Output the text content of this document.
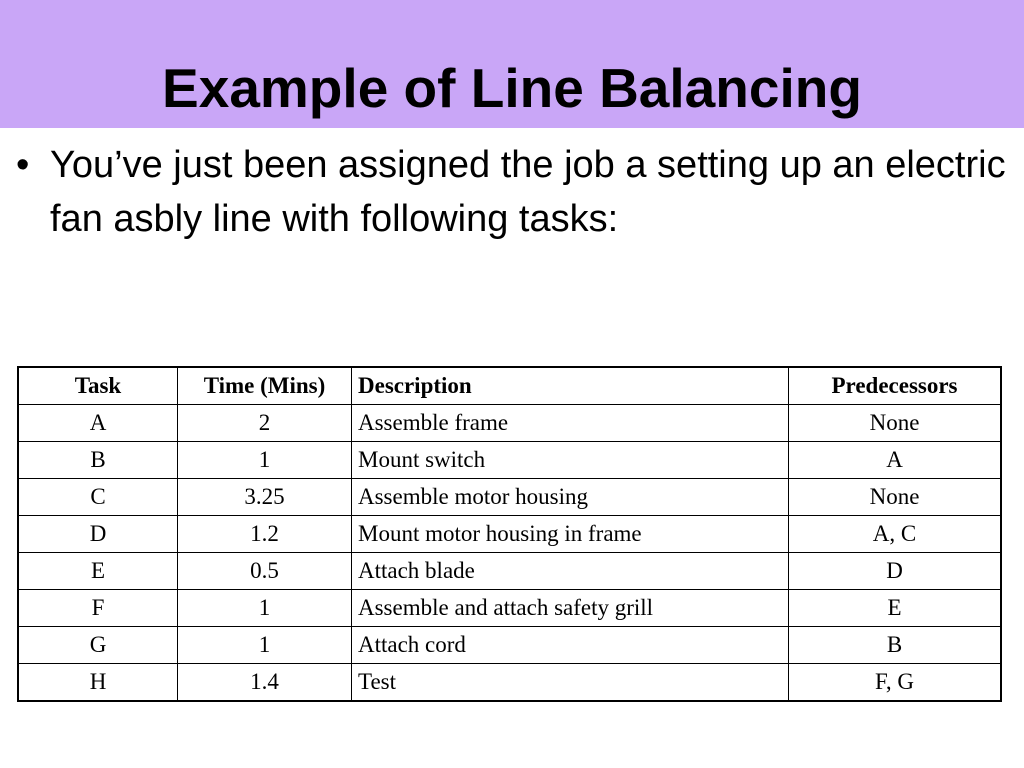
Example of Line Balancing
• You’ve just been assigned the job a setting up an electric fan asbly line with following tasks:
Task	Time (Mins)	Description	Predecessors
A	2	Assemble frame	None
B	1	Mount switch	A
C	3.25	Assemble motor housing	None
D	1.2	Mount motor housing in frame	A, C
E	0.5	Attach blade	D
F	1	Assemble and attach safety grill	E
G	1	Attach cord	B
H	1.4	Test	F, G
